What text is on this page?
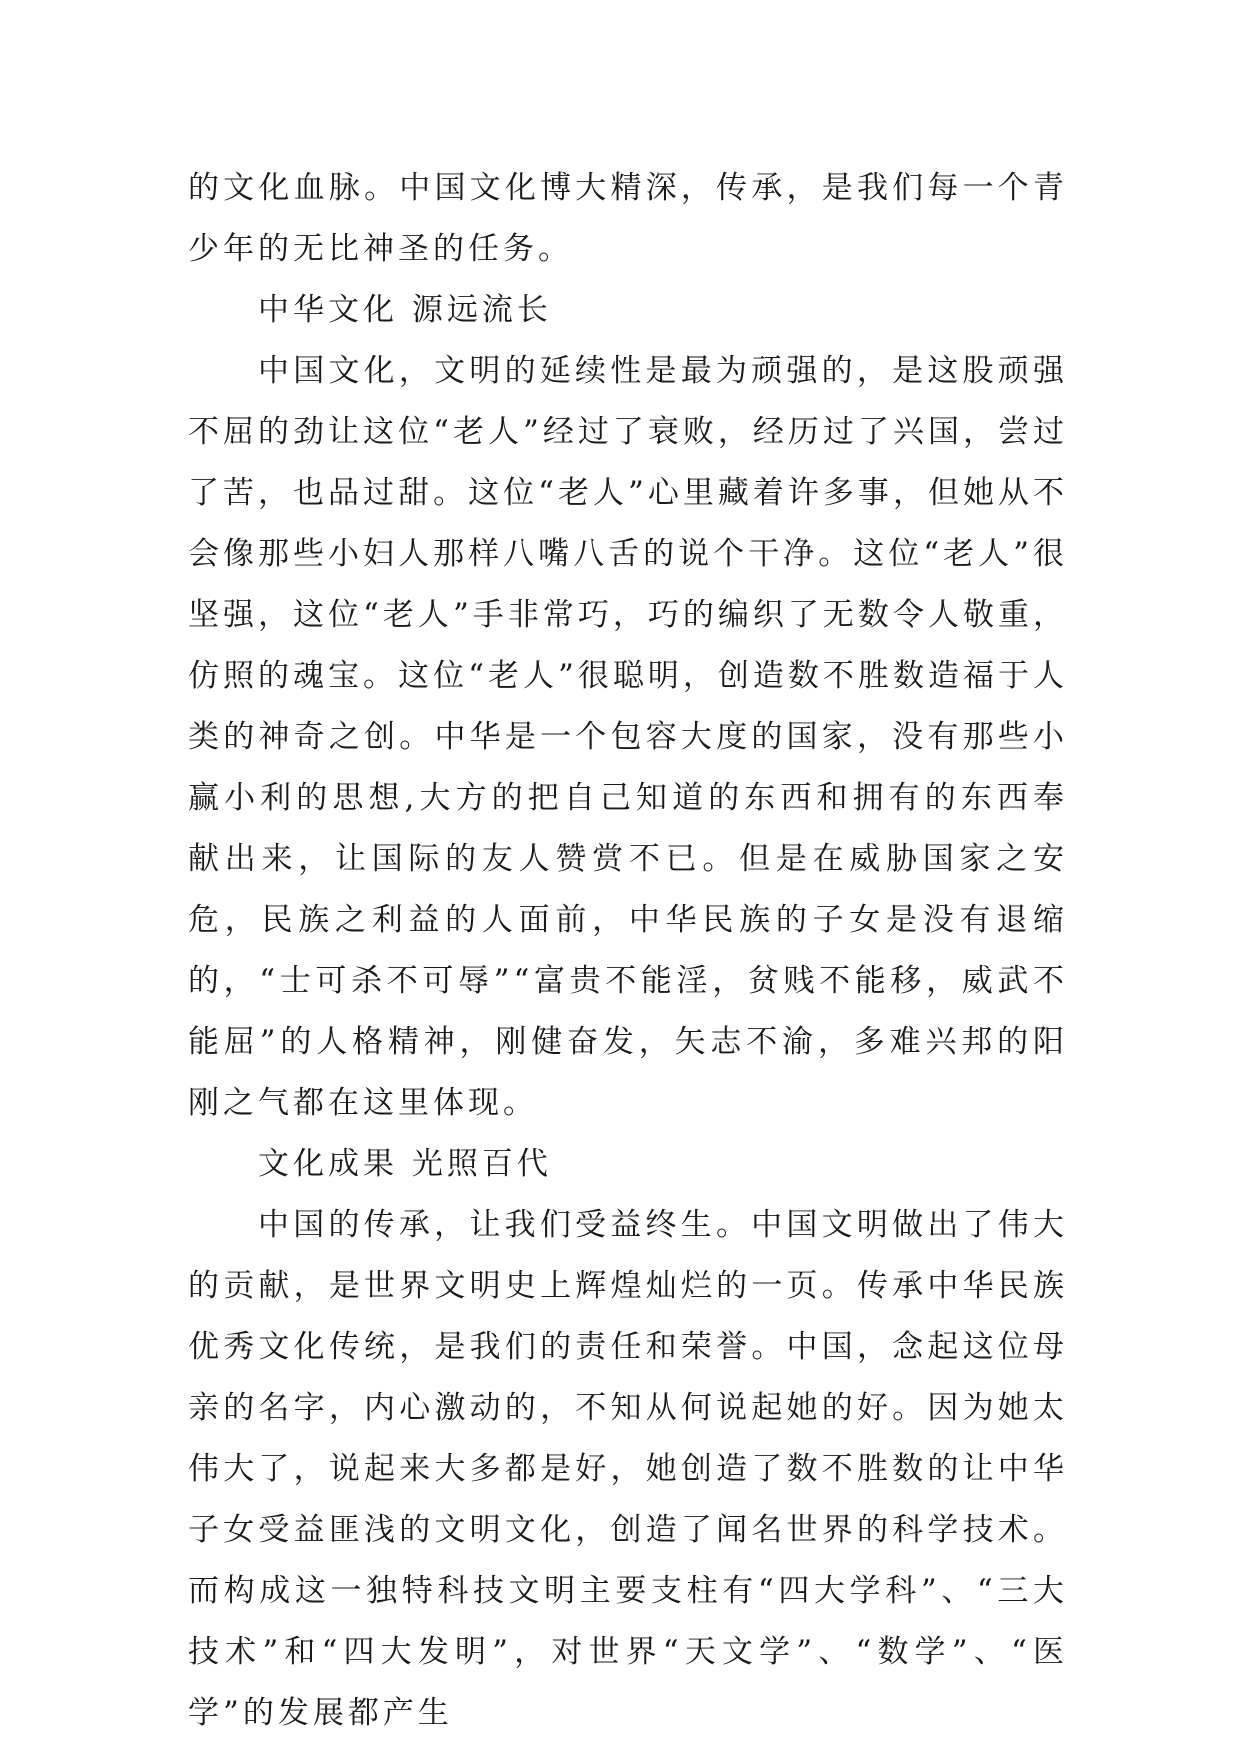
的文化血脉。中国文化博大精深，传承，是我们每一个青少年的无比神圣的任务。

中华文化 源远流长

中国文化，文明的延续性是最为顽强的，是这股顽强不屈的劲让这位“老人”经过了衰败，经历过了兴国，尝过了苦，也品过甜。这位“老人”心里藏着许多事，但她从不会像那些小妇人那样八嘴八舌的说个干净。这位“老人”很坚强，这位“老人”手非常巧，巧的编织了无数令人敬重，仿照的魂宝。这位“老人”很聪明，创造数不胜数造福于人类的神奇之创。中华是一个包容大度的国家，没有那些小赢小利的思想,大方的把自己知道的东西和拥有的东西奉献出来，让国际的友人赞赏不已。但是在威胁国家之安危，民族之利益的人面前，中华民族的子女是没有退缩的，“士可杀不可辱”“富贵不能淫，贫贱不能移，威武不能屈”的人格精神，刚健奋发，矢志不渝，多难兴邦的阳刚之气都在这里体现。

文化成果 光照百代

中国的传承，让我们受益终生。中国文明做出了伟大的贡献，是世界文明史上辉煌灿烂的一页。传承中华民族优秀文化传统，是我们的责任和荣誉。中国，念起这位母亲的名字，内心激动的，不知从何说起她的好。因为她太伟大了，说起来大多都是好，她创造了数不胜数的让中华子女受益匪浅的文明文化，创造了闻名世界的科学技术。而构成这一独特科技文明主要支柱有“四大学科”、“三大技术”和“四大发明”，对世界“天文学”、“数学”、“医学”的发展都产生
